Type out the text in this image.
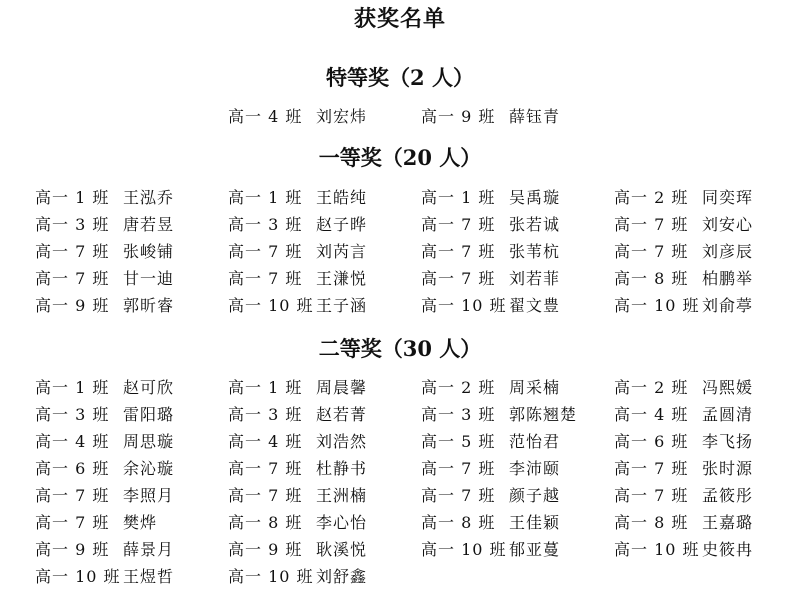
获奖名单
特等奖（2 人）
高一 4 班 刘宏炜	高一 9 班 薛钰青
一等奖（20 人）
高一 1 班 王泓乔	高一 1 班 王皓纯	高一 1 班 吴禹璇	高一 2 班 同奕珲
高一 3 班 唐若昱	高一 3 班 赵子晔	高一 7 班 张若诚	高一 7 班 刘安心
高一 7 班 张峻铺	高一 7 班 刘芮言	高一 7 班 张苇杭	高一 7 班 刘彦辰
高一 7 班 甘一迪	高一 7 班 王溓悦	高一 7 班 刘若菲	高一 8 班 柏鹏举
高一 9 班 郭昕睿	高一 10 班 王子涵	高一 10 班 翟文豊	高一 10 班 刘俞葶
二等奖（30 人）
高一 1 班 赵可欣	高一 1 班 周晨馨	高一 2 班 周采楠	高一 2 班 冯熙媛
高一 3 班 雷阳璐	高一 3 班 赵若菁	高一 3 班 郭陈翘楚 高一 4 班 孟圆清
高一 4 班 周思璇	高一 4 班 刘浩然	高一 5 班 范怡君	高一 6 班 李飞扬
高一 6 班 余沁璇	高一 7 班 杜静书	高一 7 班 李沛颐	高一 7 班 张时源
高一 7 班 李照月	高一 7 班 王洲楠	高一 7 班 颜子越	高一 7 班 孟筱彤
高一 7 班 樊烨	高一 8 班 李心怡	高一 8 班 王佳颖	高一 8 班 王嘉璐
高一 9 班 薛景月	高一 9 班 耿溪悦	高一 10 班 郁亚蔓	高一 10 班 史筱冉
高一 10 班 王煜哲	高一 10 班 刘舒鑫
